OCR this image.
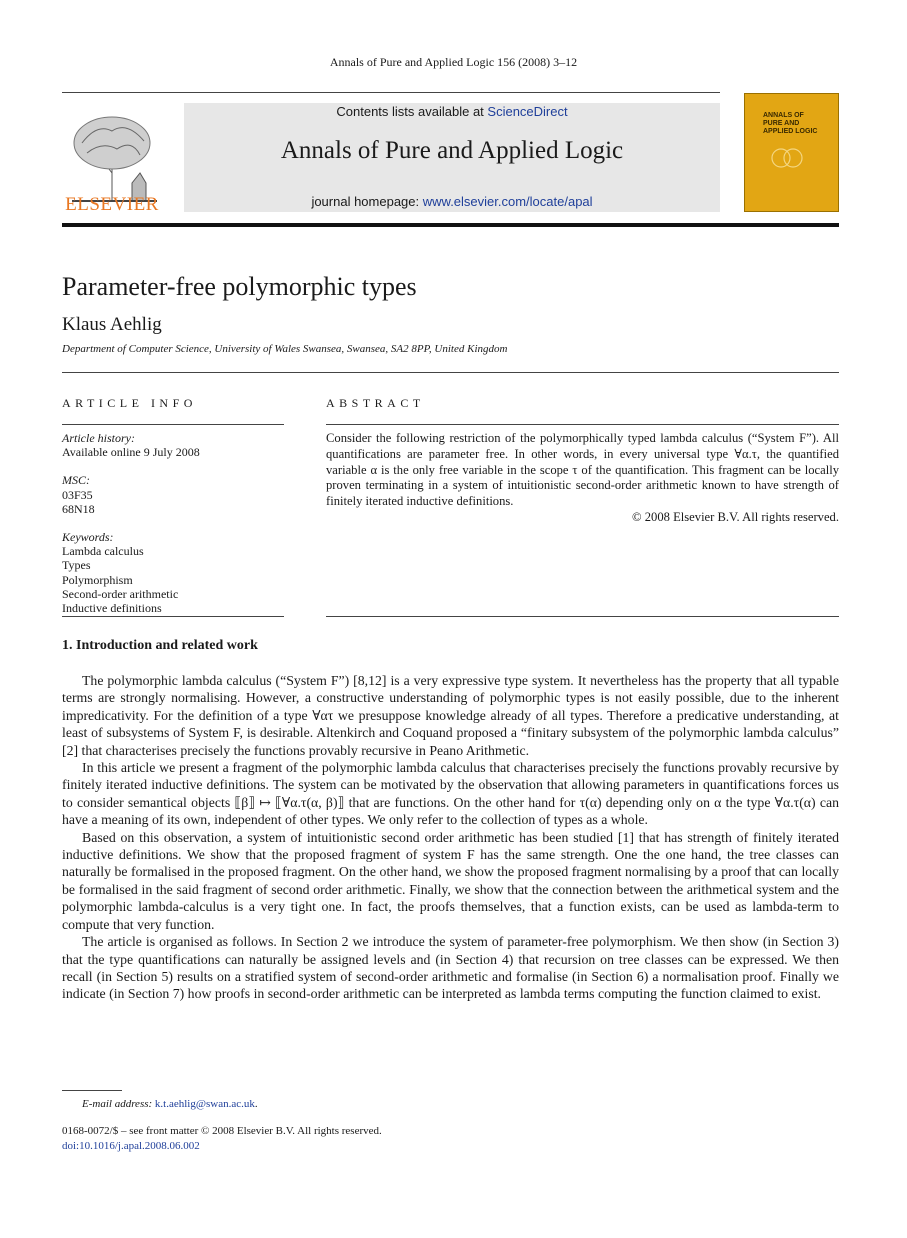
Annals of Pure and Applied Logic 156 (2008) 3–12
ELSEVIER
Contents lists available at ScienceDirect
Annals of Pure and Applied Logic
journal homepage: www.elsevier.com/locate/apal
ANNALS OF
PURE AND
APPLIED LOGIC
Parameter-free polymorphic types
Klaus Aehlig
Department of Computer Science, University of Wales Swansea, Swansea, SA2 8PP, United Kingdom
ARTICLE INFO	ABSTRACT
Article history:
Available online 9 July 2008
MSC:
03F35
68N18
Keywords:
Lambda calculus
Types
Polymorphism
Second-order arithmetic
Inductive definitions
Consider the following restriction of the polymorphically typed lambda calculus (“System F”). All quantifications are parameter free. In other words, in every universal type ∀α.τ, the quantified variable α is the only free variable in the scope τ of the quantification. This fragment can be locally proven terminating in a system of intuitionistic second-order arithmetic known to have strength of finitely iterated inductive definitions.
© 2008 Elsevier B.V. All rights reserved.
1. Introduction and related work

The polymorphic lambda calculus (“System F”) [8,12] is a very expressive type system. It nevertheless has the property that all typable terms are strongly normalising. However, a constructive understanding of polymorphic types is not easily possible, due to the inherent impredicativity. For the definition of a type ∀ατ we presuppose knowledge already of all types. Therefore a predicative understanding, at least of subsystems of System F, is desirable. Altenkirch and Coquand proposed a “finitary subsystem of the polymorphic lambda calculus” [2] that characterises precisely the functions provably recursive in Peano Arithmetic.

In this article we present a fragment of the polymorphic lambda calculus that characterises precisely the functions provably recursive by finitely iterated inductive definitions. The system can be motivated by the observation that allowing parameters in quantifications forces us to consider semantical objects ⟦β⟧ ↦ ⟦∀α.τ(α, β)⟧ that are functions. On the other hand for τ(α) depending only on α the type ∀α.τ(α) can have a meaning of its own, independent of other types. We only refer to the collection of types as a whole.

Based on this observation, a system of intuitionistic second order arithmetic has been studied [1] that has strength of finitely iterated inductive definitions. We show that the proposed fragment of system F has the same strength. One the one hand, the tree classes can naturally be formalised in the proposed fragment. On the other hand, we show the proposed fragment normalising by a proof that can locally be formalised in the said fragment of second order arithmetic. Finally, we show that the connection between the arithmetical system and the polymorphic lambda-calculus is a very tight one. In fact, the proofs themselves, that a function exists, can be used as lambda-term to compute that very function.

The article is organised as follows. In Section 2 we introduce the system of parameter-free polymorphism. We then show (in Section 3) that the type quantifications can naturally be assigned levels and (in Section 4) that recursion on tree classes can be expressed. We then recall (in Section 5) results on a stratified system of second-order arithmetic and formalise (in Section 6) a normalisation proof. Finally we indicate (in Section 7) how proofs in second-order arithmetic can be interpreted as lambda terms computing the function claimed to exist.

E-mail address: k.t.aehlig@swan.ac.uk.
0168-0072/$ – see front matter © 2008 Elsevier B.V. All rights reserved.
doi:10.1016/j.apal.2008.06.002
